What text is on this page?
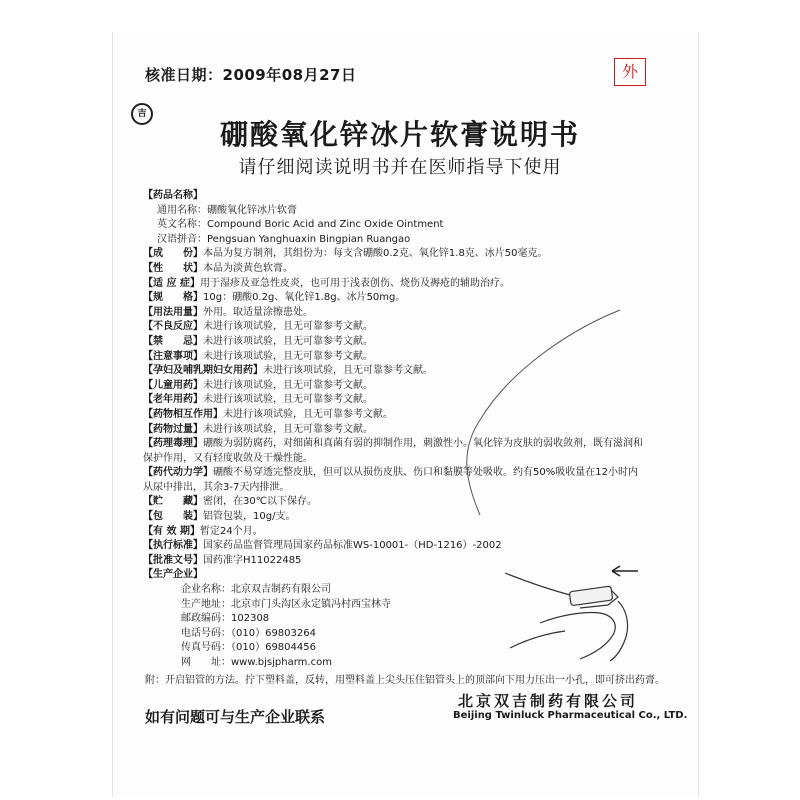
核准日期：2009年08月27日	外
吉
硼酸氧化锌冰片软膏说明书
请仔细阅读说明书并在医师指导下使用
【药品名称】
通用名称：硼酸氧化锌冰片软膏
英文名称：Compound Boric Acid and Zinc Oxide Ointment
汉语拼音：Pengsuan Yanghuaxin Bingpian Ruangao
【成　　份】本品为复方制剂，其组份为：每支含硼酸0.2克、氧化锌1.8克、冰片50毫克。
【性　　状】本品为淡黄色软膏。
【适 应 症】用于湿疹及亚急性皮炎，也可用于浅表创伤、烧伤及褥疮的辅助治疗。
【规　　格】10g：硼酸0.2g、氧化锌1.8g、冰片50mg。
【用法用量】外用。取适量涂擦患处。
【不良反应】未进行该项试验，且无可靠参考文献。
【禁　　忌】未进行该项试验，且无可靠参考文献。
【注意事项】未进行该项试验，且无可靠参考文献。
【孕妇及哺乳期妇女用药】未进行该项试验，且无可靠参考文献。
【儿童用药】未进行该项试验，且无可靠参考文献。
【老年用药】未进行该项试验，且无可靠参考文献。
【药物相互作用】未进行该项试验，且无可靠参考文献。
【药物过量】未进行该项试验，且无可靠参考文献。
【药理毒理】硼酸为弱防腐药，对细菌和真菌有弱的抑制作用，刺激性小。氧化锌为皮肤的弱收敛剂，既有滋润和保护作用，又有轻度收敛及干燥性能。
【药代动力学】硼酸不易穿透完整皮肤，但可以从损伤皮肤、伤口和黏膜等处吸收。约有50%吸收量在12小时内从尿中排出，其余3-7天内排泄。
【贮　　藏】密闭，在30℃以下保存。
【包　　装】铝管包装，10g/支。
【有 效 期】暂定24个月。
【执行标准】国家药品监督管理局国家药品标准WS-10001-（HD-1216）-2002
【批准文号】国药准字H11022485
【生产企业】
企业名称：北京双吉制药有限公司
生产地址：北京市门头沟区永定镇冯村西宝林寺
邮政编码：102308
电话号码：（010）69803264
传真号码：（010）69804456
网　　址：www.bjsjpharm.com
附：开启铝管的方法。拧下塑料盖，反转，用塑料盖上尖头压住铝管头上的顶部向下用力压出一小孔，即可挤出药膏。
北京双吉制药有限公司
Beijing Twinluck Pharmaceutical Co., LTD.
如有问题可与生产企业联系
